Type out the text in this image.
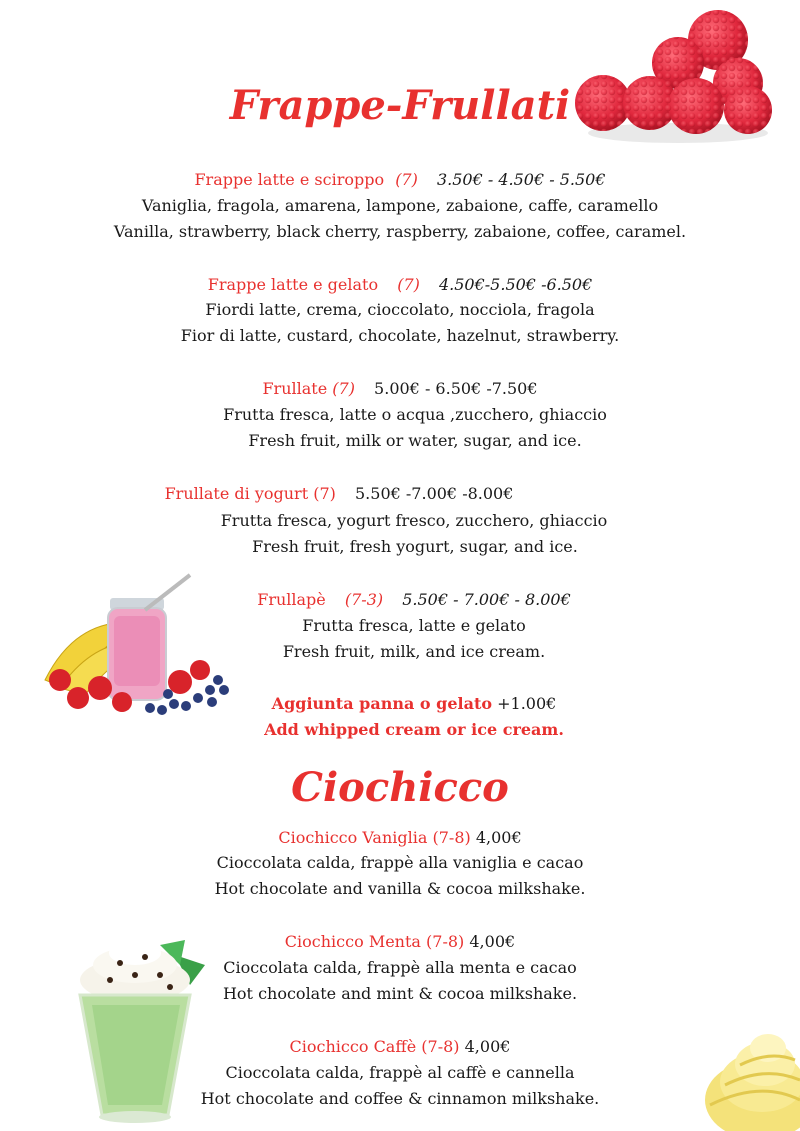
Frappe-Frullati
Frappe latte e sciroppo (7) 3.50€ - 4.50€ - 5.50€
Vaniglia, fragola, amarena, lampone, zabaione, caffe, caramello
Vanilla, strawberry, black cherry, raspberry, zabaione, coffee, caramel.
Frappe latte e gelato (7) 4.50€-5.50€ -6.50€
Fiordi latte, crema, cioccolato, nocciola, fragola
Fior di latte, custard, chocolate, hazelnut, strawberry.
Frullate (7) 5.00€ - 6.50€ -7.50€
Frutta fresca, latte o acqua ,zucchero, ghiaccio
Fresh fruit, milk or water, sugar, and ice.
Frullate di yogurt (7) 5.50€ -7.00€ -8.00€
Frutta fresca, yogurt fresco, zucchero, ghiaccio
Fresh fruit, fresh yogurt, sugar, and ice.
Frullapè (7-3) 5.50€ - 7.00€ - 8.00€
Frutta fresca, latte e gelato
Fresh fruit, milk, and ice cream.
Aggiunta panna o gelato +1.00€
Add whipped cream or ice cream.
Ciochicco
Ciochicco Vaniglia (7-8) 4,00€
Cioccolata calda, frappè alla vaniglia e cacao
Hot chocolate and vanilla & cocoa milkshake.
Ciochicco Menta (7-8) 4,00€
Cioccolata calda, frappè alla menta e cacao
Hot chocolate and mint & cocoa milkshake.
Ciochicco Caffè (7-8) 4,00€
Cioccolata calda, frappè al caffè e cannella
Hot chocolate and coffee & cinnamon milkshake.
